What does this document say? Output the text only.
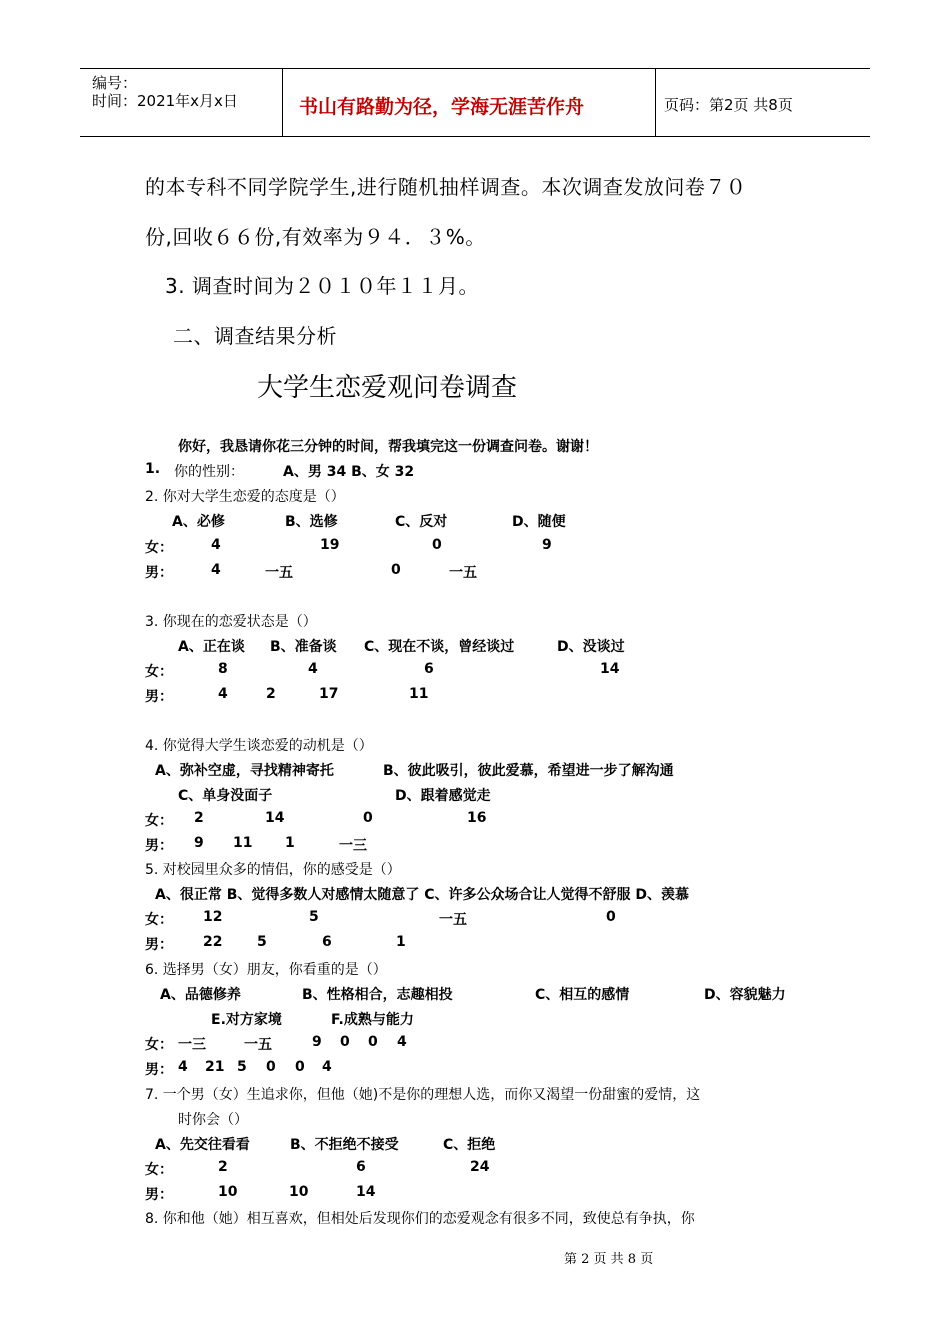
编号：
时间：2021年x月x日	书山有路勤为径，学海无涯苦作舟	页码：第2页 共8页
的本专科不同学院学生,进行随机抽样调查。本次调查发放问卷７０
份,回收６６份,有效率为９４．３%。
3. 调查时间为２０１０年１１月。
二、调查结果分析
大学生恋爱观问卷调查
你好，我恳请你花三分钟的时间，帮我填完这一份调查问卷。谢谢！
1. 你的性别：	A、男 34 B、女 32
2. 你对大学生恋爱的态度是（）
A、必修	B、选修	C、反对	D、随便
女：	4	19	0	9
男：	4	一五	0	一五
3. 你现在的恋爱状态是（）
A、正在谈 B、准备谈 C、现在不谈，曾经谈过	D、没谈过
女：	8	4	6	14
男：	4	2	17	11
4. 你觉得大学生谈恋爱的动机是（）
A、弥补空虚，寻找精神寄托	B、彼此吸引，彼此爱慕，希望进一步了解沟通
C、单身没面子	D、跟着感觉走
女： 2	14	0	16
男： 9 11 1	一三
5. 对校园里众多的情侣，你的感受是（）
A、很正常 B、觉得多数人对感情太随意了 C、许多公众场合让人觉得不舒服 D、羡慕
女： 12	5	一五	0
男： 22 5	6	1
6. 选择男（女）朋友，你看重的是（）
A、品德修养	B、性格相合，志趣相投	C、相互的感情	D、容貌魅力
E.对方家境	F.成熟与能力
女： 一三	一五	9 0 0 4
男： 4 21 5 0 0 4
7. 一个男（女）生追求你，但他（她)不是你的理想人选，而你又渴望一份甜蜜的爱情，这
时你会（）
A、先交往看看	B、不拒绝不接受	C、拒绝
女：	2	6	24
男：	10	10	14
8. 你和他（她）相互喜欢，但相处后发现你们的恋爱观念有很多不同，致使总有争执，你
第 2 页 共 8 页
